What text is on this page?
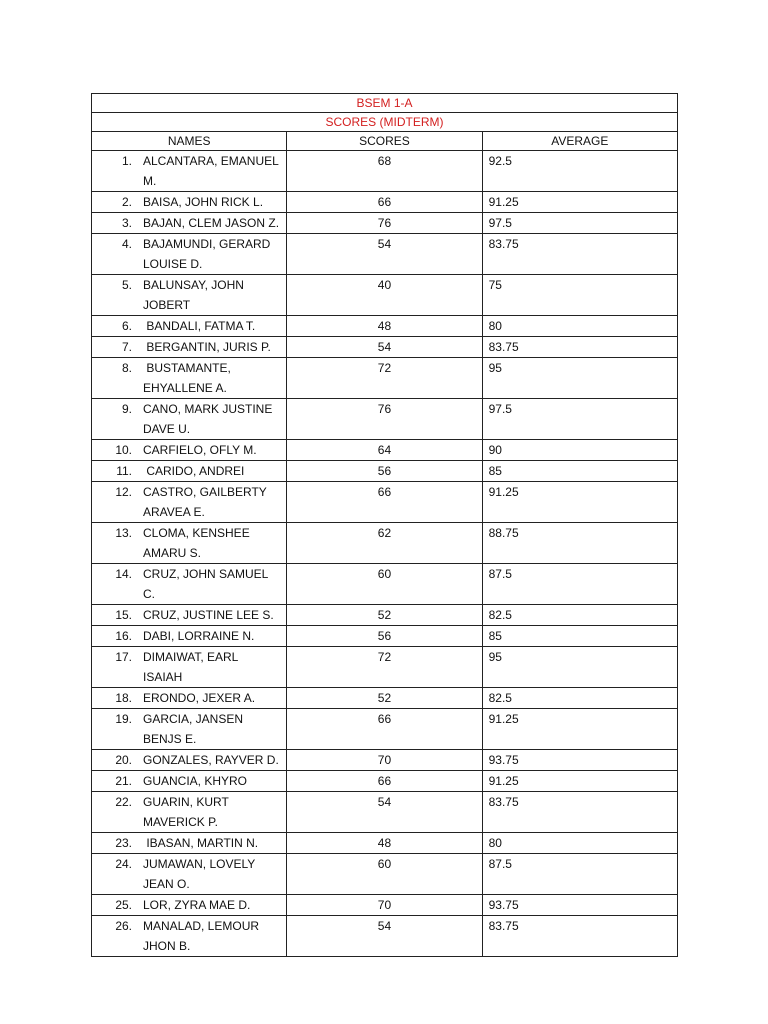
BSEM 1-A		
SCORES (MIDTERM)		
NAMES	SCORES	AVERAGE

1. ALCANTARA, EMANUEL M.	68	92.5

2. BAISA, JOHN RICK L.	66	91.25

3. BAJAN, CLEM JASON Z.	76	97.5

4. BAJAMUNDI, GERARD LOUISE D.	54	83.75

5. BALUNSAY, JOHN JOBERT	40	75

6. BANDALI, FATMA T.	48	80

7. BERGANTIN, JURIS P.	54	83.75

8. BUSTAMANTE, EHYALLENE A.	72	95

9. CANO, MARK JUSTINE DAVE U.	76	97.5

10. CARFIELO, OFLY M.	64	90

11. CARIDO, ANDREI	56	85

12. CASTRO, GAILBERTY ARAVEA E.	66	91.25

13. CLOMA, KENSHEE AMARU S.	62	88.75

14. CRUZ, JOHN SAMUEL C.	60	87.5

15. CRUZ, JUSTINE LEE S.	52	82.5

16. DABI, LORRAINE N.	56	85

17. DIMAIWAT, EARL ISAIAH	72	95

18. ERONDO, JEXER A.	52	82.5

19. GARCIA, JANSEN BENJS E.	66	91.25

20. GONZALES, RAYVER D.	70	93.75

21. GUANCIA, KHYRO	66	91.25

22. GUARIN, KURT MAVERICK P.	54	83.75

23. IBASAN, MARTIN N.	48	80

24. JUMAWAN, LOVELY JEAN O.	60	87.5

25. LOR, ZYRA MAE D.	70	93.75

26. MANALAD, LEMOUR JHON B.	54	83.75
